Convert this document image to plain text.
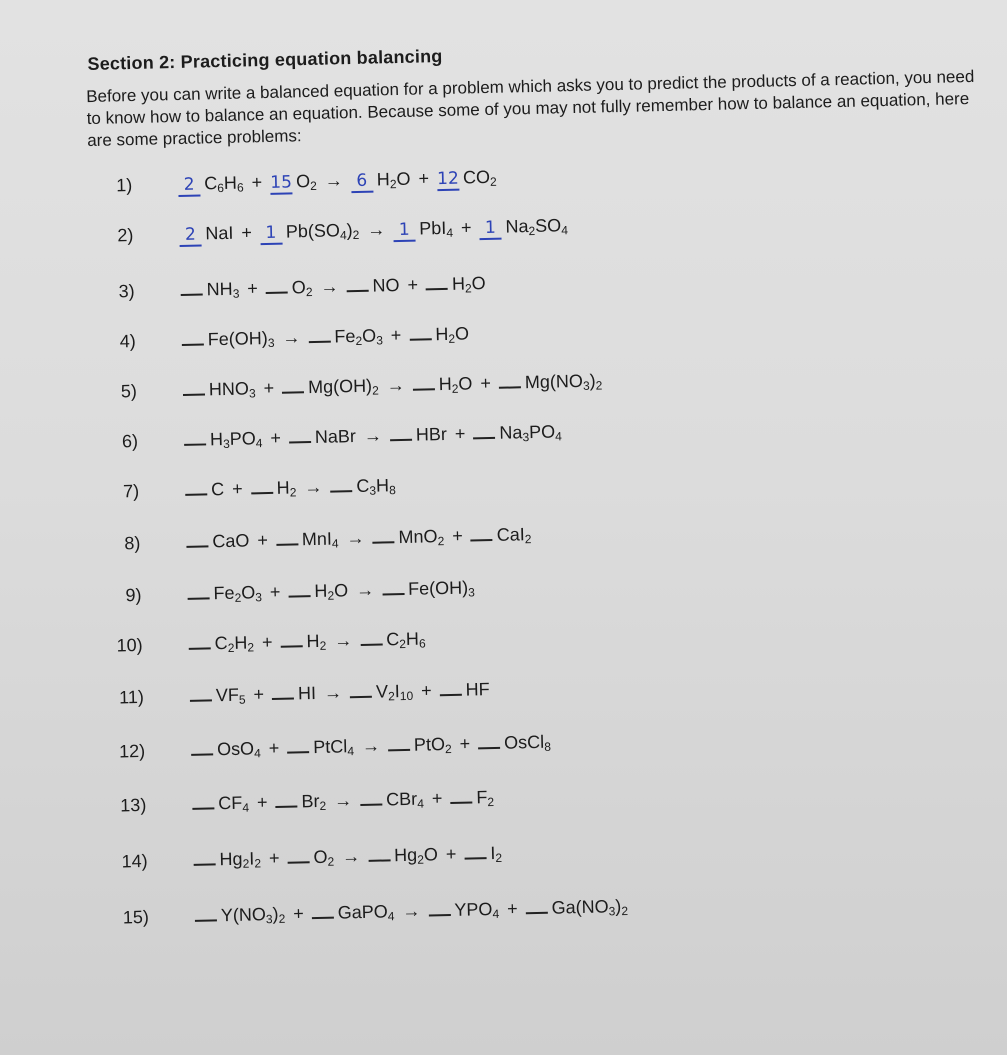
Section 2: Practicing equation balancing
Before you can write a balanced equation for a problem which asks you to predict the products of a reaction, you need to know how to balance an equation. Because some of you may not fully remember how to balance an equation, here are some practice problems:
1)	2 $C_6H_6 + 15$ $O_2 \to 6$ $H_2O + 12$ $CO_2$
2)	2 NaI + 1 $Pb(SO_4)_2 \to 1$ PbI$_4$ + 1 $Na_2SO_4$
3)	$NH_3 + O_2$ → NO + $H_2O$
4)	$Fe(OH)_3 \to Fe_2O_3 + H_2O$
5)	$HNO_3 + Mg(OH)_2 \to H_2O + Mg(NO_3)_2$
6)	$H_3PO_4$ + NaBr → HBr + $Na_3PO_4$
7)	$C + H_2 \to C_3H_8$
8)	CaO + MnI$_4$ → MnO$_2$ + CaI$_2$
9)	$Fe_2O_3 + H_2O \to Fe(OH)_3$
10)	$C_2H_2 + H_2 \to C_2H_6$
11)	$VF_5$ + HI → $V_2I_{10}$ + HF
12)	OsO$_4$ + PtCl$_4$ → PtO$_2$ + OsCl$_8$
13)	$CF_4 + Br_2 \to CBr_4 + F_2$
14)	$Hg_2I_2 + O_2 \to Hg_2O + I_2$
15)	$Y(NO_3)_2$ + GaPO$_4$ → $YPO_4 + Ga(NO_3)_2$
